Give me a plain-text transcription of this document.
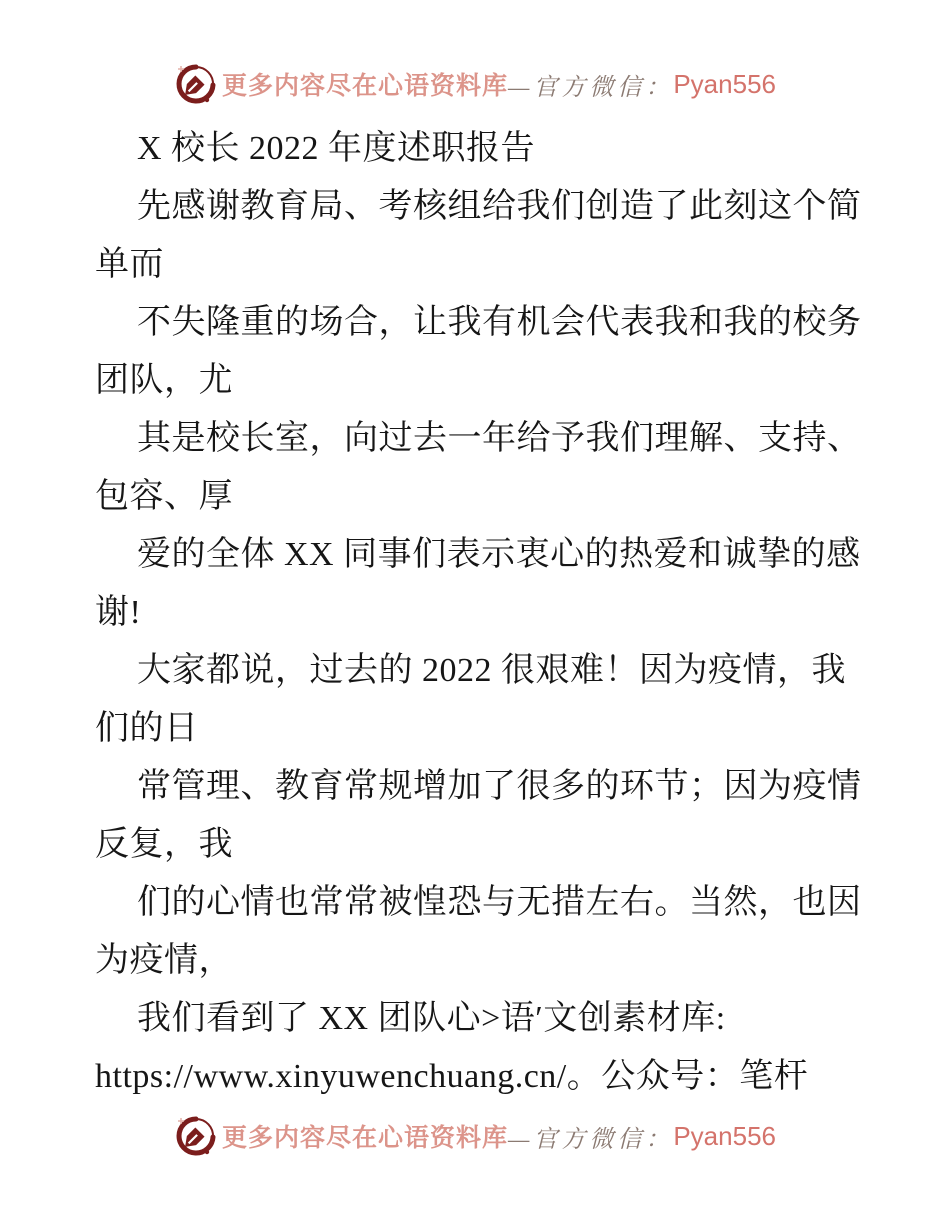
更多内容尽在心语资料库 —官方微信： Pyan556
X 校长 2022 年度述职报告
先感谢教育局、考核组给我们创造了此刻这个简
单而
不失隆重的场合，让我有机会代表我和我的校务
团队，尤
其是校长室，向过去一年给予我们理解、支持、
包容、厚
爱的全体 XX 同事们表示衷心的热爱和诚挚的感
谢!
大家都说，过去的 2022 很艰难！因为疫情，我
们的日
常管理、教育常规增加了很多的环节；因为疫情
反复，我
们的心情也常常被惶恐与无措左右。当然，也因
为疫情，
我们看到了 XX 团队心>语′文创素材库:
https://www.xinyuwenchuang.cn/。公众号：笔杆
更多内容尽在心语资料库 —官方微信： Pyan556
